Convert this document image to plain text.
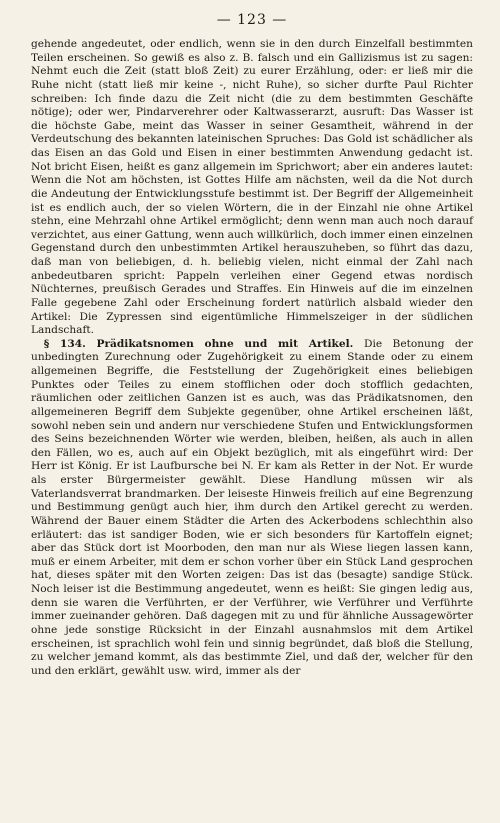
— 123 —

gehende angedeutet, oder endlich, wenn sie in den durch Einzelfall bestimmten Teilen erscheinen. So gewiß es also z. B. falsch und ein Gallizismus ist zu sagen: Nehmt euch die Zeit (statt bloß Zeit) zu eurer Erzählung, oder: er ließ mir die Ruhe nicht (statt ließ mir keine -, nicht Ruhe), so sicher durfte Paul Richter schreiben: Ich finde dazu die Zeit nicht (die zu dem bestimmten Geschäfte nötige); oder wer, Pindarverehrer oder Kaltwasserarzt, ausruft: Das Wasser ist die höchste Gabe, meint das Wasser in seiner Gesamtheit, während in der Verdeutschung des bekannten lateinischen Spruches: Das Gold ist schädlicher als das Eisen an das Gold und Eisen in einer bestimmten Anwendung gedacht ist. Not bricht Eisen, heißt es ganz allgemein im Sprichwort; aber ein anderes lautet: Wenn die Not am höchsten, ist Gottes Hilfe am nächsten, weil da die Not durch die Andeutung der Entwicklungsstufe bestimmt ist. Der Begriff der Allgemeinheit ist es endlich auch, der so vielen Wörtern, die in der Einzahl nie ohne Artikel stehn, eine Mehrzahl ohne Artikel ermöglicht; denn wenn man auch noch darauf verzichtet, aus einer Gattung, wenn auch willkürlich, doch immer einen einzelnen Gegenstand durch den unbestimmten Artikel herauszuheben, so führt das dazu, daß man von beliebigen, d. h. beliebig vielen, nicht einmal der Zahl nach anbedeutbaren spricht: Pappeln verleihen einer Gegend etwas nordisch Nüchternes, preußisch Gerades und Straffes. Ein Hinweis auf die im einzelnen Falle gegebene Zahl oder Erscheinung fordert natürlich alsbald wieder den Artikel: Die Zypressen sind eigentümliche Himmelszeiger in der südlichen Landschaft.

§ 134. Prädikatsnomen ohne und mit Artikel. Die Betonung der unbedingten Zurechnung oder Zugehörigkeit zu einem Stande oder zu einem allgemeinen Begriffe, die Feststellung der Zugehörigkeit eines beliebigen Punktes oder Teiles zu einem stofflichen oder doch stofflich gedachten, räumlichen oder zeitlichen Ganzen ist es auch, was das Prädikatsnomen, den allgemeineren Begriff dem Subjekte gegenüber, ohne Artikel erscheinen läßt, sowohl neben sein und andern nur verschiedene Stufen und Entwicklungsformen des Seins bezeichnenden Wörter wie werden, bleiben, heißen, als auch in allen den Fällen, wo es, auch auf ein Objekt bezüglich, mit als eingeführt wird: Der Herr ist König. Er ist Laufbursche bei N. Er kam als Retter in der Not. Er wurde als erster Bürgermeister gewählt. Diese Handlung müssen wir als Vaterlandsverrat brandmarken. Der leiseste Hinweis freilich auf eine Begrenzung und Bestimmung genügt auch hier, ihm durch den Artikel gerecht zu werden. Während der Bauer einem Städter die Arten des Ackerbodens schlechthin also erläutert: das ist sandiger Boden, wie er sich besonders für Kartoffeln eignet; aber das Stück dort ist Moorboden, den man nur als Wiese liegen lassen kann, muß er einem Arbeiter, mit dem er schon vorher über ein Stück Land gesprochen hat, dieses später mit den Worten zeigen: Das ist das (besagte) sandige Stück. Noch leiser ist die Bestimmung angedeutet, wenn es heißt: Sie gingen ledig aus, denn sie waren die Verführten, er der Verführer, wie Verführer und Verführte immer zueinander gehören. Daß dagegen mit zu und für ähnliche Aussagewörter ohne jede sonstige Rücksicht in der Einzahl ausnahmslos mit dem Artikel erscheinen, ist sprachlich wohl fein und sinnig begründet, daß bloß die Stellung, zu welcher jemand kommt, als das bestimmte Ziel, und daß der, welcher für den und den erklärt, gewählt usw. wird, immer als der
